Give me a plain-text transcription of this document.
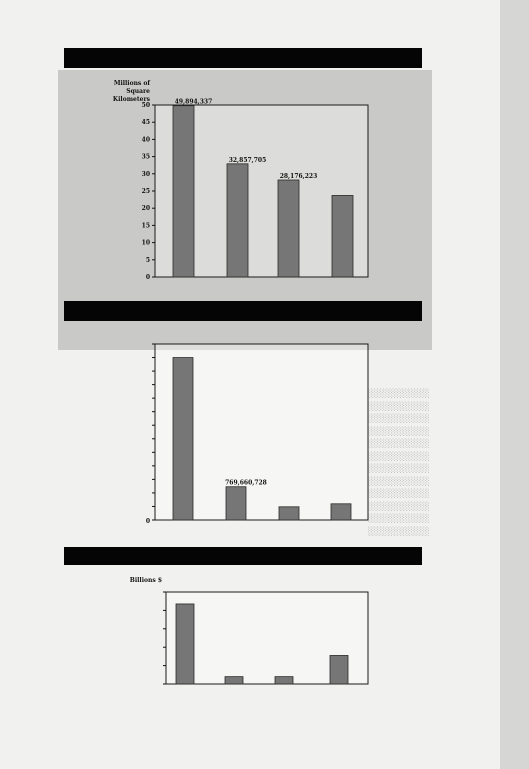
Millions of Square Kilometers
0
5
10
15
20
25
30
35
40
45
50	49,894,337
32,857,705
28,176,223
0
769,660,728
░░░░░░░░░░
░░░░░░░░░░
░░░░░░░░░░
░░░░░░░░░░
░░░░░░░░░░
░░░░░░░░░░
░░░░░░░░░░
░░░░░░░░░░
░░░░░░░░░░
░░░░░░░░░░
░░░░░░░░░░
░░░░░░░░░░
Billions $
